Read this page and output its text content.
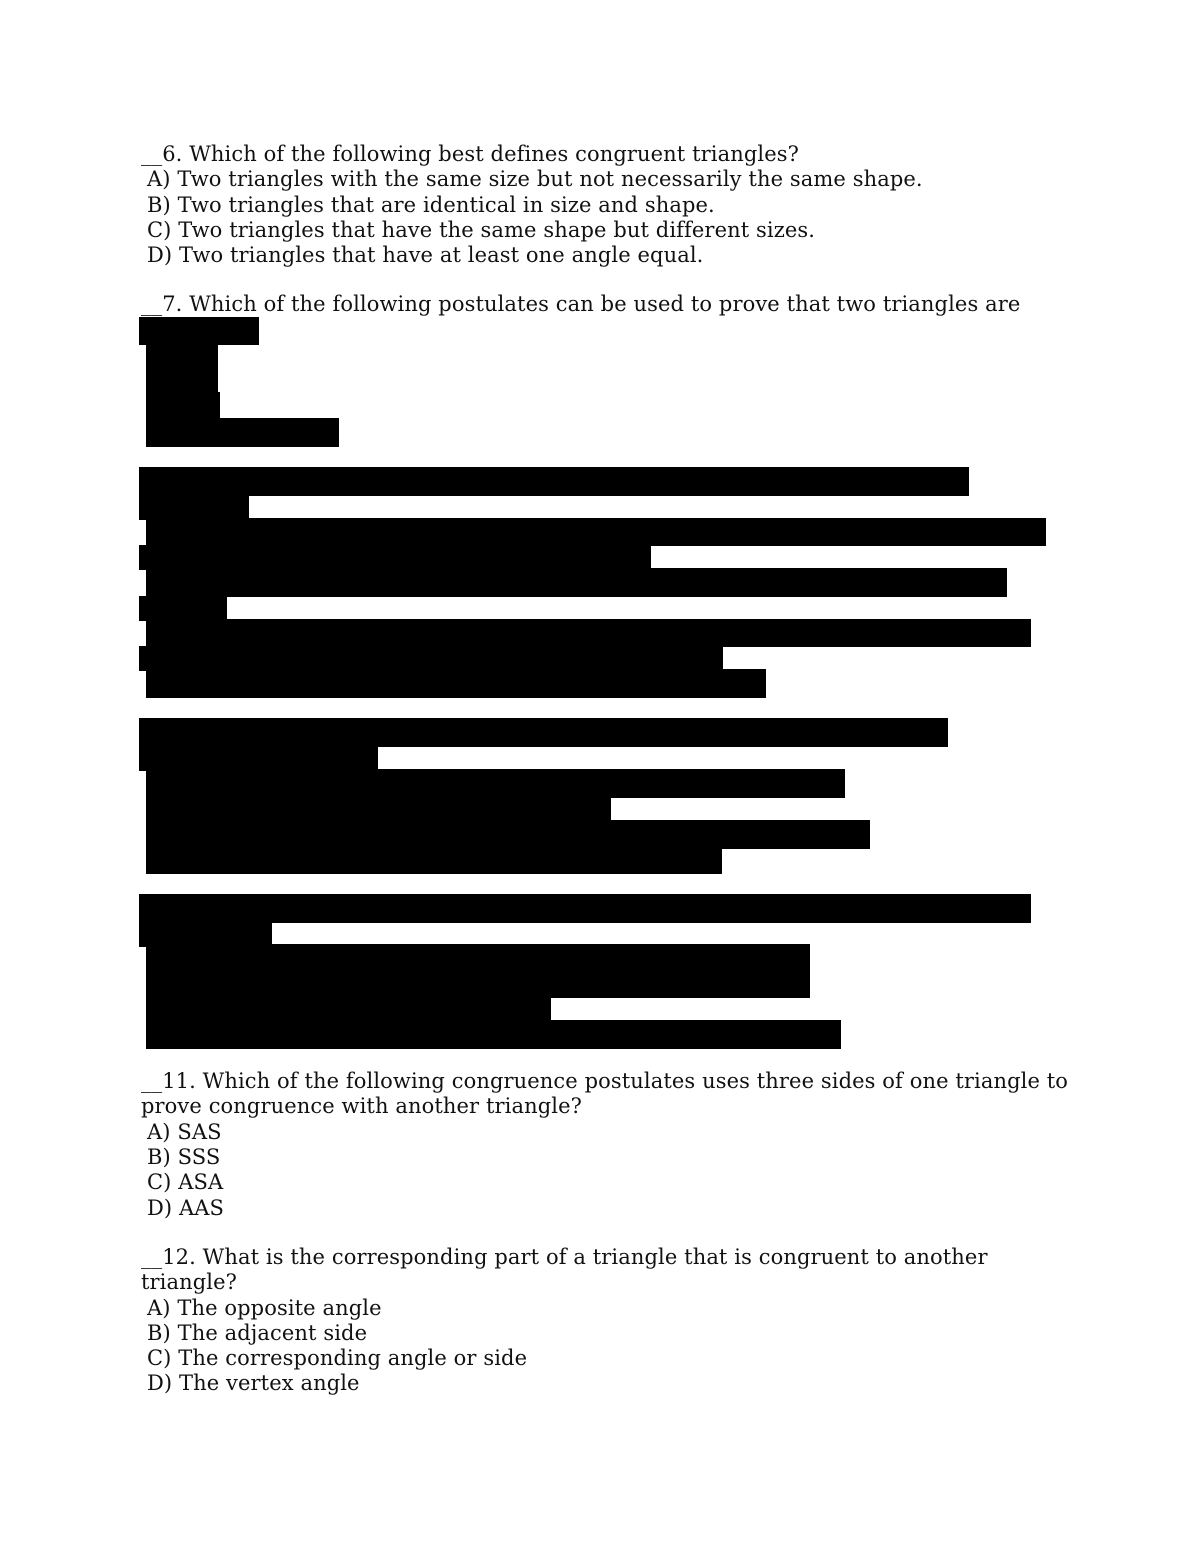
__6. Which of the following best defines congruent triangles?
A) Two triangles with the same size but not necessarily the same shape.
B) Two triangles that are identical in size and shape.
C) Two triangles that have the same shape but different sizes.
D) Two triangles that have at least one angle equal.
__7. Which of the following postulates can be used to prove that two triangles are
__11. Which of the following congruence postulates uses three sides of one triangle to
prove congruence with another triangle?
A) SAS
B) SSS
C) ASA
D) AAS
__12. What is the corresponding part of a triangle that is congruent to another
triangle?
A) The opposite angle
B) The adjacent side
C) The corresponding angle or side
D) The vertex angle
